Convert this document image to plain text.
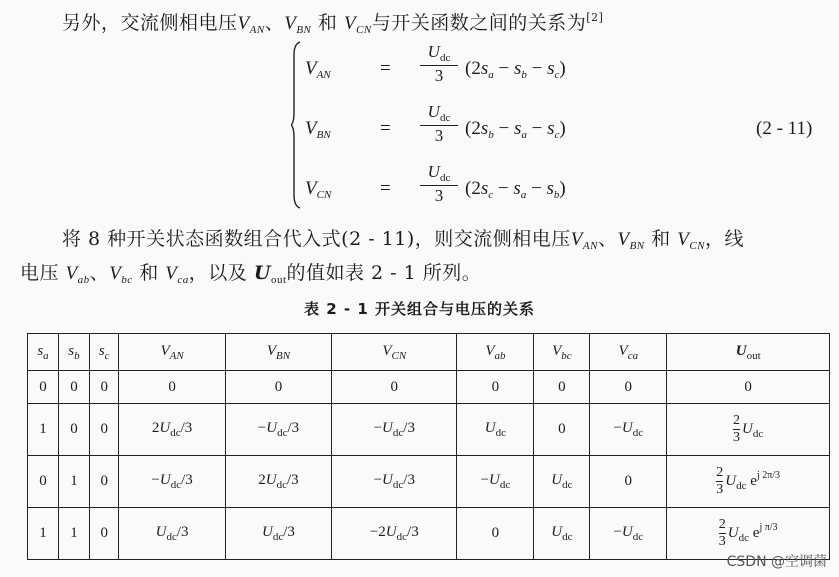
另外，交流侧相电压$V_{AN}$、$V_{BN}$ 和 $V_{CN}$与开关函数之间的关系为[2]
$V_{AN}$	=
$U_{dc}$
3	$(2s_a - s_b - s_c)$
$V_{BN}$	=
$U_{dc}$
3	$(2s_b - s_a - s_c)$
$V_{CN}$	=
$U_{dc}$
3	$(2s_c - s_a - s_b)$
(2 - 11)
将 8 种开关状态函数组合代入式(2 - 11)，则交流侧相电压$V_{AN}$、$V_{BN}$ 和 $V_{CN}$，线
电压 $V_{ab}$、$V_{bc}$ 和 $V_{ca}$，以及 $U_{out}$的值如表 2 - 1 所列。
表 2 - 1 开关组合与电压的关系
$s_a$	$s_b$	$s_c$	$V_{AN}$	$V_{BN}$	$V_{CN}$	$V_{ab}$	$V_{bc}$	$V_{ca}$	$U_{out}$
0	0	0	0	0	0	0	0	0	0
1	0	0	$2U_{dc}/3$	$-U_{dc}/3$	$-U_{dc}/3$	$U_{dc}$	0	$-U_{dc}$	$\frac{2}{3} U_{dc}$
0	1	0	$-U_{dc}/3$	$2U_{dc}/3$	$-U_{dc}/3$	$-U_{dc}$	$U_{dc}$	0	$\frac{2}{3} U_{dc}$ $e^{j 2\pi/3}$
1	1	0	$U_{dc}/3$	$U_{dc}/3$	$-2U_{dc}/3$	0	$U_{dc}$	$-U_{dc}$	$\frac{2}{3} U_{dc}$ $e^{j \pi/3}$
CSDN @空调菌
